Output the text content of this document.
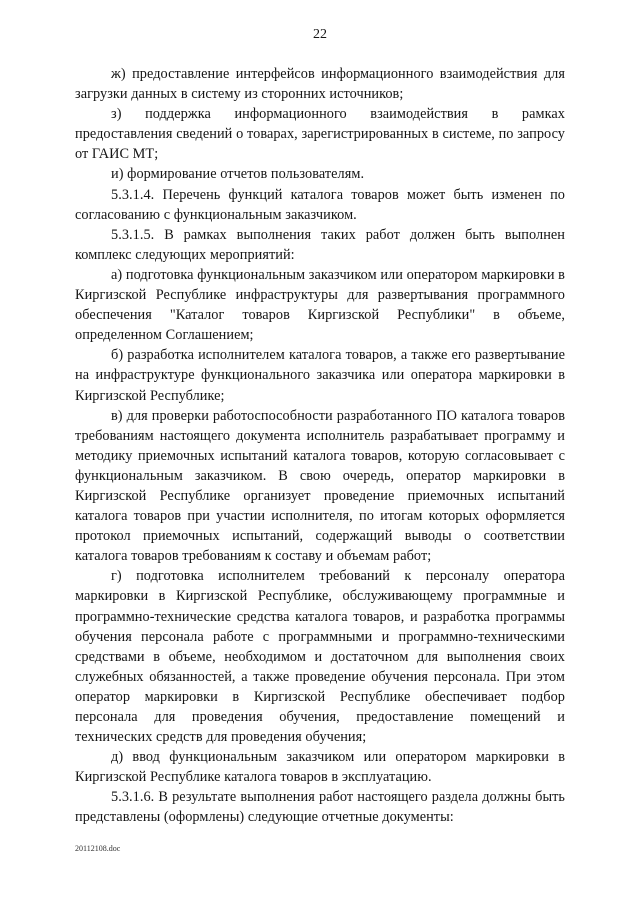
22

ж) предоставление интерфейсов информационного взаимодействия для загрузки данных в систему из сторонних источников;

з) поддержка информационного взаимодействия в рамках предоставления сведений о товарах, зарегистрированных в системе, по запросу от ГАИС МТ;

и) формирование отчетов пользователям.

5.3.1.4. Перечень функций каталога товаров может быть изменен по согласованию с функциональным заказчиком.

5.3.1.5. В рамках выполнения таких работ должен быть выполнен комплекс следующих мероприятий:

а) подготовка функциональным заказчиком или оператором маркировки в Киргизской Республике инфраструктуры для развертывания программного обеспечения "Каталог товаров Киргизской Республики" в объеме, определенном Соглашением;

б) разработка исполнителем каталога товаров, а также его развертывание на инфраструктуре функционального заказчика или оператора маркировки в Киргизской Республике;

в) для проверки работоспособности разработанного ПО каталога товаров требованиям настоящего документа исполнитель разрабатывает программу и методику приемочных испытаний каталога товаров, которую согласовывает с функциональным заказчиком. В свою очередь, оператор маркировки в Киргизской Республике организует проведение приемочных испытаний каталога товаров при участии исполнителя, по итогам которых оформляется протокол приемочных испытаний, содержащий выводы о соответствии каталога товаров требованиям к составу и объемам работ;

г) подготовка исполнителем требований к персоналу оператора маркировки в Киргизской Республике, обслуживающему программные и программно-технические средства каталога товаров, и разработка программы обучения персонала работе с программными и программно-техническими средствами в объеме, необходимом и достаточном для выполнения своих служебных обязанностей, а также проведение обучения персонала. При этом оператор маркировки в Киргизской Республике обеспечивает подбор персонала для проведения обучения, предоставление помещений и технических средств для проведения обучения;

д) ввод функциональным заказчиком или оператором маркировки в Киргизской Республике каталога товаров в эксплуатацию.

5.3.1.6. В результате выполнения работ настоящего раздела должны быть представлены (оформлены) следующие отчетные документы:

20112108.doc
